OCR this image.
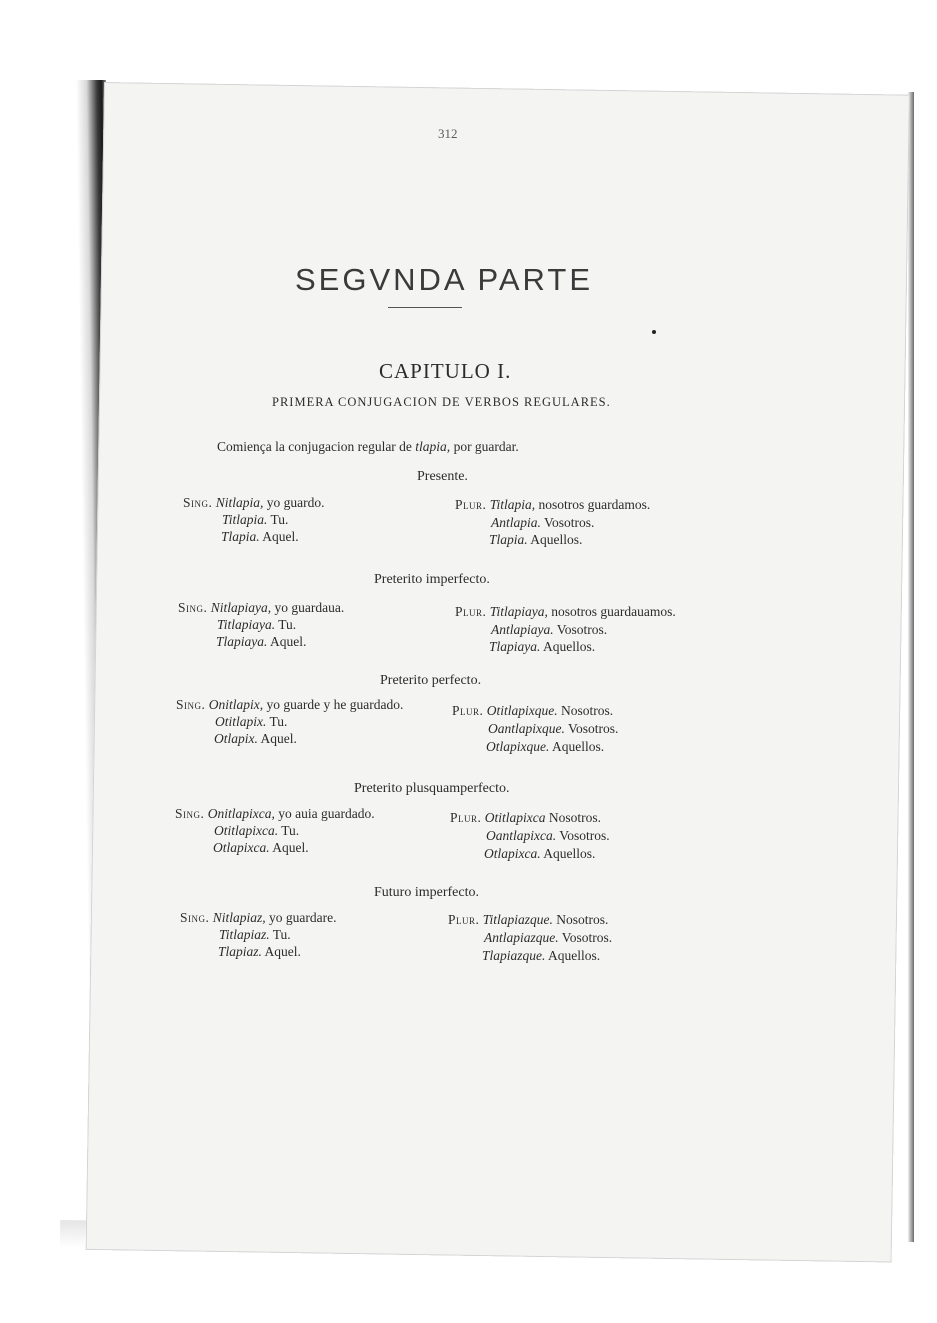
312
SEGVNDA PARTE
CAPITULO I.
PRIMERA CONJUGACION DE VERBOS REGULARES.
Comiença la conjugacion regular de tlapia, por guardar.
Presente.
Sing. Nitlapia, yo guardo.
Titlapia. Tu.
Tlapia. Aquel.
Plur. Titlapia, nosotros guardamos.
Antlapia. Vosotros.
Tlapia. Aquellos.
Preterito imperfecto.
Sing. Nitlapiaya, yo guardaua.
Titlapiaya. Tu.
Tlapiaya. Aquel.
Plur. Titlapiaya, nosotros guardauamos.
Antlapiaya. Vosotros.
Tlapiaya. Aquellos.
Preterito perfecto.
Sing. Onitlapix, yo guarde y he guardado.
Otitlapix. Tu.
Otlapix. Aquel.
Plur. Otitlapixque. Nosotros.
Oantlapixque. Vosotros.
Otlapixque. Aquellos.
Preterito plusquamperfecto.
Sing. Onitlapixca, yo auia guardado.
Otitlapixca. Tu.
Otlapixca. Aquel.
Plur. Otitlapixca Nosotros.
Oantlapixca. Vosotros.
Otlapixca. Aquellos.
Futuro imperfecto.
Sing. Nitlapiaz, yo guardare.
Titlapiaz. Tu.
Tlapiaz. Aquel.
Plur. Titlapiazque. Nosotros.
Antlapiazque. Vosotros.
Tlapiazque. Aquellos.
